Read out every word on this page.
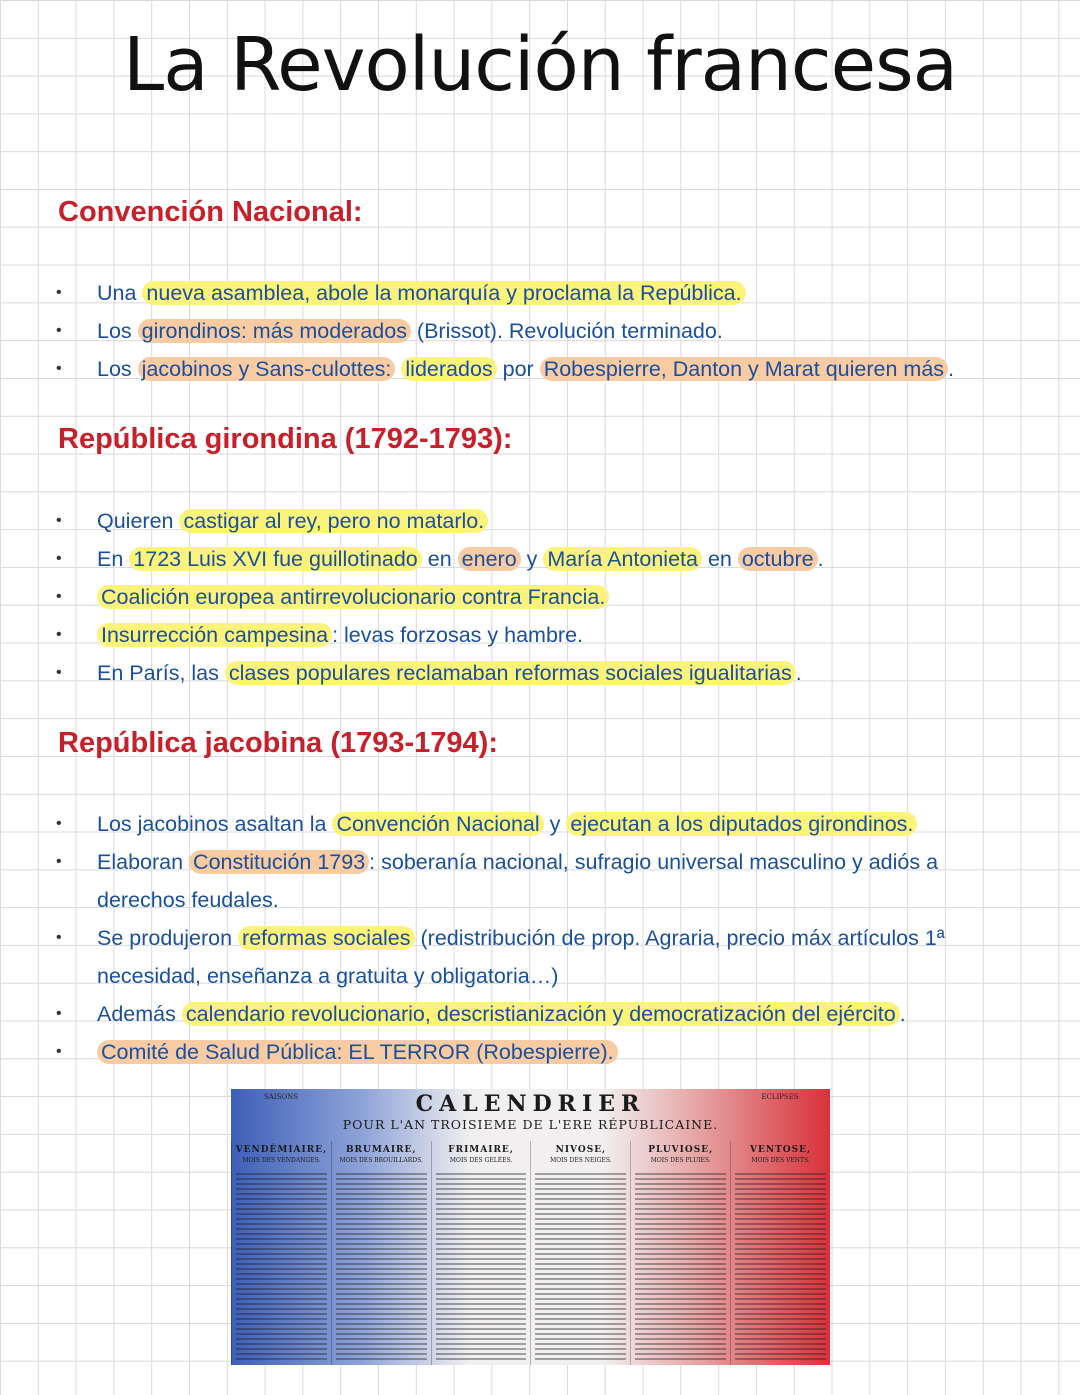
La Revolución francesa
Convención Nacional:
• Una nueva asamblea, abole la monarquía y proclama la República.
• Los girondinos: más moderados (Brissot). Revolución terminado.
• Los jacobinos y Sans-culottes: liderados por Robespierre, Danton y Marat quieren más .
República girondina (1792-1793):
• Quieren castigar al rey, pero no matarlo.
• En 1723 Luis XVI fue guillotinado en enero y María Antonieta en octubre .
• Coalición europea antirrevolucionario contra Francia.
• Insurrección campesina : levas forzosas y hambre.
• En París, las clases populares reclamaban reformas sociales igualitarias .
República jacobina (1793-1794):
• Los jacobinos asaltan la Convención Nacional y ejecutan a los diputados girondinos.
• Elaboran Constitución 1793 : soberanía nacional, sufragio universal masculino y adiós a derechos feudales.
• Se produjeron reformas sociales (redistribución de prop. Agraria, precio máx artículos 1ª necesidad, enseñanza a gratuita y obligatoria…)
• Además calendario revolucionario, descristianización y democratización del ejército .
• Comité de Salud Pública: EL TERROR (Robespierre).
SAISONS	ECLIPSES
CALENDRIER
POUR L'AN TROISIEME DE L'ERE RÉPUBLICAINE.
VENDÉMIAIRE,
MOIS DES VENDANGES.
BRUMAIRE,
MOIS DES BROUILLARDS.
FRIMAIRE,
MOIS DES GELÉES.
NIVOSE,
MOIS DES NEIGES.
PLUVIOSE,
MOIS DES PLUIES.
VENTOSE,
MOIS DES VENTS.
